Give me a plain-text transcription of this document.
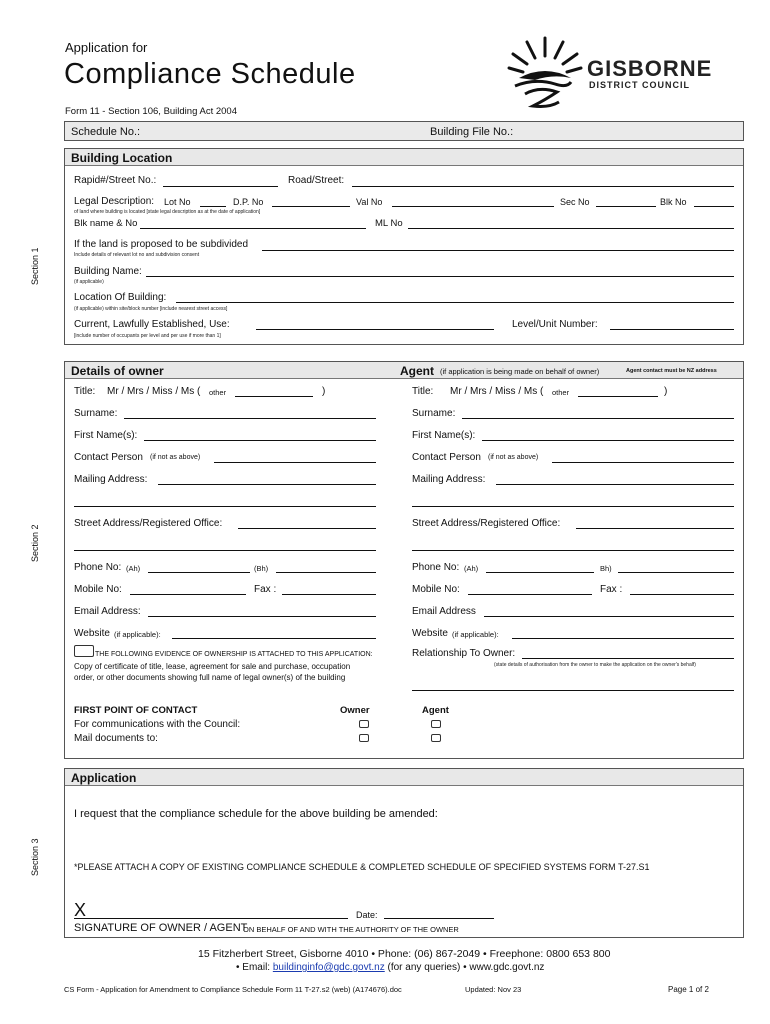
Application for
Compliance Schedule
Form 11 - Section 106, Building Act 2004
GISBORNE
DISTRICT COUNCIL
Schedule No.:	Building File No.:
Section 1
Section 2
Section 3
Building Location
Rapid#/Street No.:	Road/Street:
Legal Description: Lot No	D.P. No	Val No	Sec No	Blk No
of land where building is located [state legal description as at the date of application]
Blk name & No	ML No
If the land is proposed to be subdivided
Include details of relevant lot no and subdivision consent
Building Name:
(if applicable)
Location Of Building:
(if applicable) within site/block number [include nearest street access]
Current, Lawfully Established, Use:	Level/Unit Number:
[include number of occupants per level and per use if more than 1]
Details of owner	Agent (if application is being made on behalf of owner)	Agent contact must be NZ address
Title: Mr / Mrs / Miss / Ms ( other	)
Surname:
First Name(s):
Contact Person (if not as above)
Mailing Address:
Street Address/Registered Office:
Phone No: (Ah)	(Bh)
Mobile No:	Fax :
Email Address:
Website (if applicable):
THE FOLLOWING EVIDENCE OF OWNERSHIP IS ATTACHED TO THIS APPLICATION:
Copy of certificate of title, lease, agreement for sale and purchase, occupation
order, or other documents showing full name of legal owner(s) of the building
FIRST POINT OF CONTACT	Owner	Agent
For communications with the Council:
Mail documents to:
Title: Mr / Mrs / Miss / Ms ( other	)
Surname:
First Name(s):
Contact Person (if not as above)
Mailing Address:
Street Address/Registered Office:
Phone No: (Ah)	Bh)
Mobile No:	Fax :
Email Address
Website (if applicable):
Relationship To Owner:
(state details of authorisation from the owner to make the application on the owner's behalf)
Application
I request that the compliance schedule for the above building be amended:
*PLEASE ATTACH A COPY OF EXISTING COMPLIANCE SCHEDULE & COMPLETED SCHEDULE OF SPECIFIED SYSTEMS FORM T-27.S1
X	Date:
SIGNATURE OF OWNER / AGENT
ON BEHALF OF AND WITH THE AUTHORITY OF THE OWNER
15 Fitzherbert Street, Gisborne 4010 • Phone: (06) 867-2049 • Freephone: 0800 653 800
• Email: buildinginfo@gdc.govt.nz (for any queries) • www.gdc.govt.nz
CS Form - Application for Amendment to Compliance Schedule Form 11 T-27.s2 (web) (A174676).doc	Updated: Nov 23	Page 1 of 2
